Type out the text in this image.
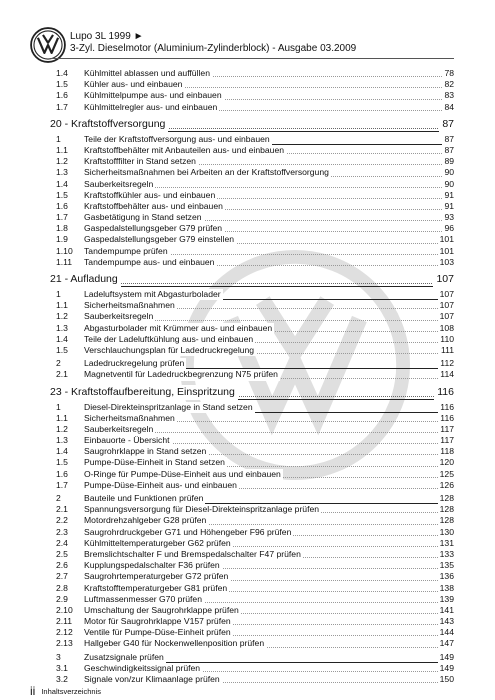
Lupo 3L 1999 ►
3-Zyl. Dieselmotor (Aluminium-Zylinderblock) - Ausgabe 03.2009
1.4 Kühlmittel ablassen und auffüllen	78
1.5 Kühler aus- und einbauen	82
1.6 Kühlmittelpumpe aus- und einbauen	83
1.7 Kühlmittelregler aus- und einbauen	84
20 - Kraftstoffversorgung	87
1	Teile der Kraftstoffversorgung aus- und einbauen	87
1.1 Kraftstoffbehälter mit Anbauteilen aus- und einbauen	87
1.2 Kraftstofffilter in Stand setzen	89
1.3 Sicherheitsmaßnahmen bei Arbeiten an der Kraftstoffversorgung	90
1.4 Sauberkeitsregeln	90
1.5 Kraftstoffkühler aus- und einbauen	91
1.6 Kraftstoffbehälter aus- und einbauen	91
1.7 Gasbetätigung in Stand setzen	93
1.8 Gaspedalstellungsgeber G79 prüfen	96
1.9 Gaspedalstellungsgeber G79 einstellen	101
1.10 Tandempumpe prüfen	101
1.11 Tandempumpe aus- und einbauen	103
21 - Aufladung	107
1	Ladeluftsystem mit Abgasturbolader	107
1.1 Sicherheitsmaßnahmen	107
1.2 Sauberkeitsregeln	107
1.3 Abgasturbolader mit Krümmer aus- und einbauen	108
1.4 Teile der Ladeluftkühlung aus- und einbauen	110
1.5 Verschlauchungsplan für Ladedruckregelung	111
2	Ladedruckregelung prüfen	112
2.1 Magnetventil für Ladedruckbegrenzung N75 prüfen	114
23 - Kraftstoffaufbereitung, Einspritzung	116
1	Diesel-Direkteinspritzanlage in Stand setzen	116
1.1 Sicherheitsmaßnahmen	116
1.2 Sauberkeitsregeln	117
1.3 Einbauorte - Übersicht	117
1.4 Saugrohrklappe in Stand setzen	118
1.5 Pumpe-Düse-Einheit in Stand setzen	120
1.6 O-Ringe für Pumpe-Düse-Einheit aus und einbauen	125
1.7 Pumpe-Düse-Einheit aus- und einbauen	126
2	Bauteile und Funktionen prüfen	128
2.1 Spannungsversorgung für Diesel-Direkteinspritzanlage prüfen	128
2.2 Motordrehzahlgeber G28 prüfen	128
2.3 Saugrohrdruckgeber G71 und Höhengeber F96 prüfen	130
2.4 Kühlmitteltemperaturgeber G62 prüfen	131
2.5 Bremslichtschalter F und Bremspedalschalter F47 prüfen	133
2.6 Kupplungspedalschalter F36 prüfen	135
2.7 Saugrohrtemperaturgeber G72 prüfen	136
2.8 Kraftstofftemperaturgeber G81 prüfen	138
2.9 Luftmassenmesser G70 prüfen	139
2.10 Umschaltung der Saugrohrklappe prüfen	141
2.11 Motor für Saugrohrklappe V157 prüfen	143
2.12 Ventile für Pumpe-Düse-Einheit prüfen	144
2.13 Hallgeber G40 für Nockenwellenposition prüfen	147
3	Zusatzsignale prüfen	149
3.1 Geschwindigkeitssignal prüfen	149
3.2 Signale von/zur Klimaanlage prüfen	150
ii Inhaltsverzeichnis
